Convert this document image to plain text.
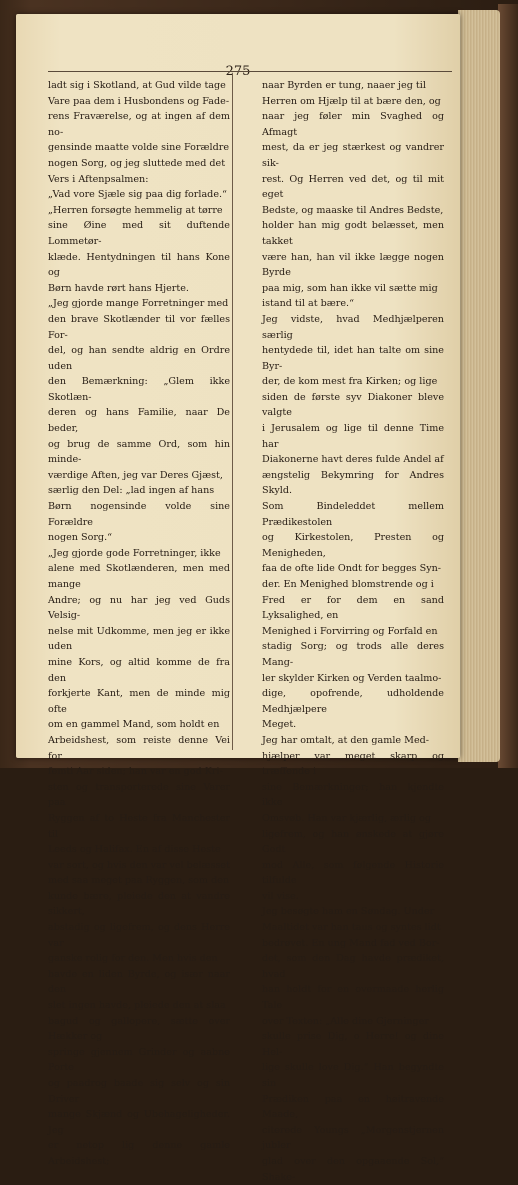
275

ladt sig i Skotland, at Gud vilde tage
Vare paa dem i Husbondens og Fade-
rens Fraværelse, og at ingen af dem no-
gensinde maatte volde sine Forældre
nogen Sorg, og jeg sluttede med det
Vers i Aftenpsalmen:

„Vad vore Sjæle sig paa dig forlade.“
„Herren forsøgte hemmelig at tørre
sine Øine med sit duftende Lommetør-
klæde. Hentydningen til hans Kone og
Børn havde rørt hans Hjerte.

„Jeg gjorde mange Forretninger med
den brave Skotlænder til vor fælles For-
del, og han sendte aldrig en Ordre uden
den Bemærkning: „Glem ikke Skotlæn-
deren og hans Familie, naar De beder,
og brug de samme Ord, som hin minde-
værdige Aften, jeg var Deres Gjæst,
særlig den Del: „lad ingen af hans
Børn nogensinde volde sine Forældre
nogen Sorg.“

„Jeg gjorde gode Forretninger, ikke
alene med Skotlænderen, men med mange
Andre; og nu har jeg ved Guds Velsig-
nelse mit Udkomme, men jeg er ikke uden
mine Kors, og altid komme de fra den
forkjerte Kant, men de minde mig ofte
om en gammel Mand, som holdt en
Arbeidshest, som reiste denne Vei for
femti Aar siden; han var en god Kri-
sten og transporterede sine Varer paa
Ryggen af to Heste fra Manchester til
Leeds og Halifax. En af disse Heste
var sort, og hvis den var vel belæsset
med saa meget paa Ryggen, som den
kunde bære, pleiede den at vandre sikkert,
abstadig og ligefrem, og dens Herre var
ganske rolig for den. Men hvis den
havde en liden Byrde, og især naar den
slet ingen havde, pleiede den at slaa
bagud og gallopere, sætte over Hækker og
springe gjennem Grinder og aabne Porte
og paadrog baade sig selv og sin Driver
mange Skjænd og Ubehageligheder. Jeg
er netop lig denne gamle Arbeidshest;

naar Byrden er tung, naaer jeg til
Herren om Hjælp til at bære den, og
naar jeg føler min Svaghed og Afmagt
mest, da er jeg stærkest og vandrer sik-
rest. Og Herren ved det, og til mit eget
Bedste, og maaske til Andres Bedste,
holder han mig godt belæsset, men takket
være han, han vil ikke lægge nogen Byrde
paa mig, som han ikke vil sætte mig
istand til at bære.“

Jeg vidste, hvad Medhjælperen særlig
hentydede til, idet han talte om sine Byr-
der, de kom mest fra Kirken; og lige
siden de første syv Diakoner bleve valgte
i Jerusalem og lige til denne Time har
Diakonerne havt deres fulde Andel af
ængstelig Bekymring for Andres Skyld.
Som Bindeleddet mellem Prædikestolen
og Kirkestolen, Presten og Menigheden,
faa de ofte lide Ondt for begges Syn-
der. En Menighed blomstrende og i
Fred er for dem en sand Lyksalighed, en
Menighed i Forvirring og Forfald en
stadig Sorg; og trods alle deres Mang-
ler skylder Kirken og Verden taalmo-
dige, opofrende, udholdende Medhjælpere
Meget.

Jeg har omtalt, at den gamle Med-
hjælper var meget skarp og træffende i
sine Bemærkninger; han kjendte ikke
Omsvøb. Han var kjærlig, ærlig og
ligefrem, og han ønskede at gjøre Godt
mod Alle, som følgende Historie tilfulde
vil vise.

Jeg besøgte ham en Søndag. Under
Maaltidet var han taus og syntes lidt
bedrøvet. En ung Mand fad ved Bor-
det, som den Dag havde prædiket, hvad
han holdt for en overmaade herlig Tale
over Texten: „Alle dine Gjerninger
skulle prise Dig, o Herre! og dine Hel-
lige skulle love Dig.“ Han begyndte sin
Prædiken paa en høitravende Maade,
citerede Youngs „Morgenstjernen jubler
glad over den opgaaende Sol,“ Shake-
